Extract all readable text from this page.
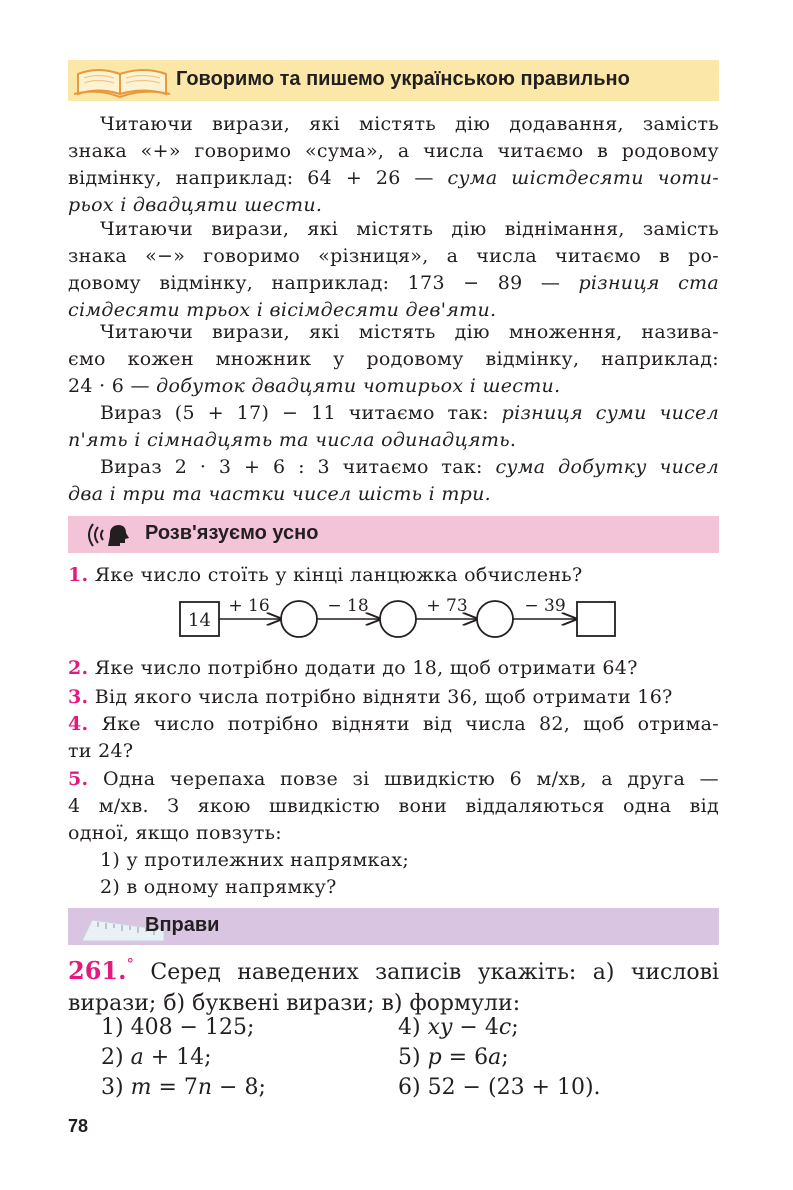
Говоримо та пишемо українською правильно
Читаючи вирази, які містять дію додавання, замість
знака «+» говоримо «сума», а числа читаємо в родовому
відмінку, наприклад: 64 + 26 — сума шістдесяти чоти-
рьох і двадцяти шести.
Читаючи вирази, які містять дію віднімання, замість
знака «−» говоримо «різниця», а числа читаємо в ро-
довому відмінку, наприклад: 173 − 89 — різниця ста
сімдесяти трьох і вісімдесяти дев'яти.
Читаючи вирази, які містять дію множення, назива-
ємо кожен множник у родовому відмінку, наприклад:
24 · 6 — добуток двадцяти чотирьох і шести.
Вираз (5 + 17) − 11 читаємо так: різниця суми чисел
п'ять і сімнадцять та числа одинадцять.
Вираз 2 · 3 + 6 : 3 читаємо так: сума добутку чисел
два і три та частки чисел шість і три.
Розв'язуємо усно
1. Яке число стоїть у кінці ланцюжка обчислень?
14
+ 16	− 18	+ 73	− 39
2. Яке число потрібно додати до 18, щоб отримати 64?
3. Від якого числа потрібно відняти 36, щоб отримати 16?
4. Яке число потрібно відняти від числа 82, щоб отрима-
ти 24?
5. Одна черепаха повзе зі швидкістю 6 м/хв, а друга —
4 м/хв. З якою швидкістю вони віддаляються одна від
одної, якщо повзуть:
1) у протилежних напрямках;
2) в одному напрямку?
Вправи
261.° Серед наведених записів укажіть: а) числові
вирази; б) буквені вирази; в) формули:
1) 408 − 125;
2) a + 14;
3) m = 7n − 8;
4) xy − 4c;
5) p = 6a;
6) 52 − (23 + 10).
78
